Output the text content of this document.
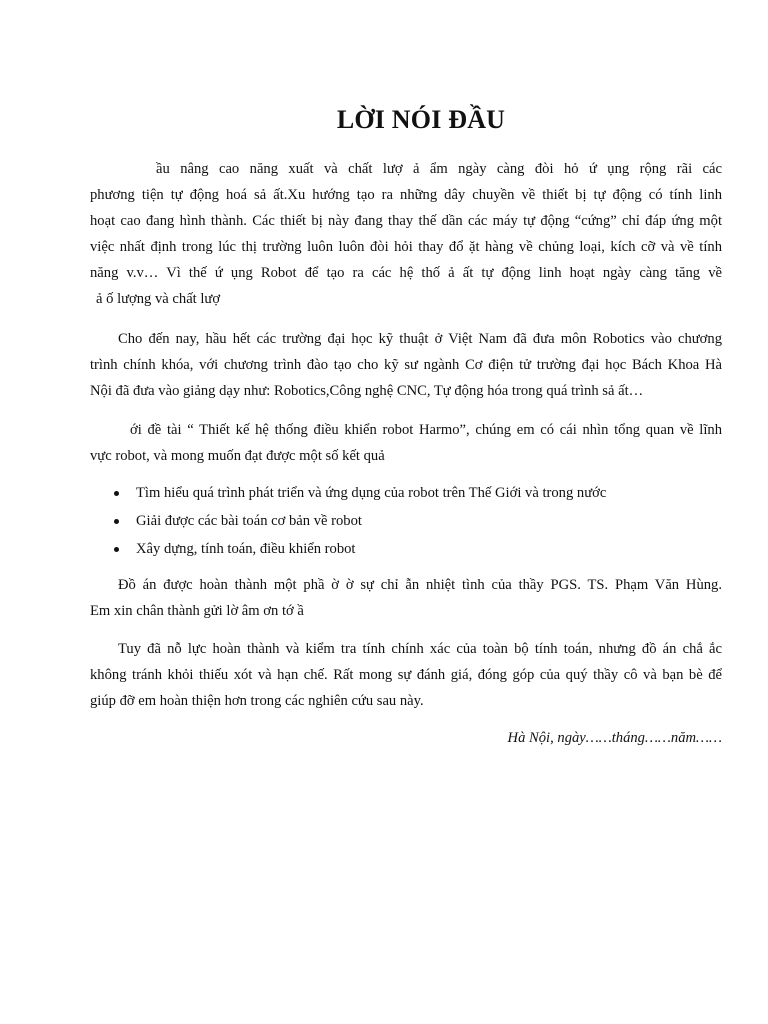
LỜI NÓI ĐẦU
ầu nâng cao năng xuất và chất lượ ả ẩm ngày càng đòi hỏ ứ ụng rộng rãi các
phương tiện tự động hoá sả ất.Xu hướng tạo ra những dây chuyền về thiết bị tự động có tính linh
hoạt cao đang hình thành. Các thiết bị này đang thay thế dần các máy tự động “cứng” chỉ đáp ứng một
việc nhất định trong lúc thị trường luôn luôn đòi hỏi thay đổ ặt hàng về chủng loại, kích cỡ và về tính
năng v.v… Vì thế ứ ụng Robot để tạo ra các hệ thố ả ất tự động linh hoạt ngày càng tăng về
ả ố lượng và chất lượ
Cho đến nay, hầu hết các trường đại học kỹ thuật ở Việt Nam đã đưa môn Robotics vào chương
trình chính khóa, với chương trình đào tạo cho kỹ sư ngành Cơ điện tử trường đại học Bách Khoa Hà
Nội đã đưa vào giảng dạy như: Robotics,Công nghệ CNC, Tự động hóa trong quá trình sả ất…
ới đề tài “ Thiết kế hệ thống điều khiển robot Harmo”, chúng em có cái nhìn tổng quan về lĩnh
vực robot, và mong muốn đạt được một số kết quả
Tìm hiểu quá trình phát triển và ứng dụng của robot trên Thế Giới và trong nước
Giải được các bài toán cơ bản về robot
Xây dựng, tính toán, điều khiển robot
Đồ án được hoàn thành một phầ ờ ờ sự chỉ ẫn nhiệt tình của thầy PGS. TS. Phạm Văn Hùng.
Em xin chân thành gửi lờ âm ơn tớ ầ
Tuy đã nỗ lực hoàn thành và kiểm tra tính chính xác của toàn bộ tính toán, nhưng đồ án chắ ắc
không tránh khỏi thiếu xót và hạn chế. Rất mong sự đánh giá, đóng góp của quý thầy cô và bạn bè để
giúp đỡ em hoàn thiện hơn trong các nghiên cứu sau này.
Hà Nội, ngày……tháng……năm……
